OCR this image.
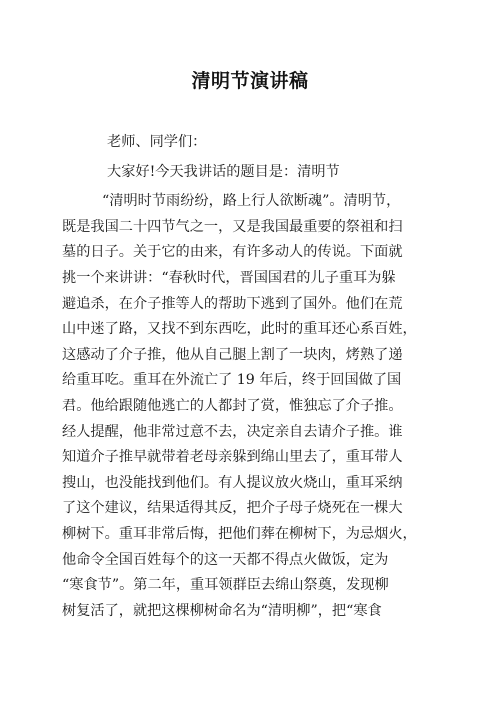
清明节演讲稿
老师、同学们：
大家好!今天我讲话的题目是：清明节
“清明时节雨纷纷，路上行人欲断魂”。清明节，
既是我国二十四节气之一，又是我国最重要的祭祖和扫
墓的日子。关于它的由来，有许多动人的传说。下面就
挑一个来讲讲：“春秋时代，晋国国君的儿子重耳为躲
避追杀，在介子推等人的帮助下逃到了国外。他们在荒
山中迷了路，又找不到东西吃，此时的重耳还心系百姓，
这感动了介子推，他从自己腿上割了一块肉，烤熟了递
给重耳吃。重耳在外流亡了 19 年后，终于回国做了国
君。他给跟随他逃亡的人都封了赏，惟独忘了介子推。
经人提醒，他非常过意不去，决定亲自去请介子推。谁
知道介子推早就带着老母亲躲到绵山里去了，重耳带人
搜山，也没能找到他们。有人提议放火烧山，重耳采纳
了这个建议，结果适得其反，把介子母子烧死在一棵大
柳树下。重耳非常后悔，把他们葬在柳树下，为忌烟火，
他命令全国百姓每个的这一天都不得点火做饭，定为
“寒食节”。第二年，重耳领群臣去绵山祭奠，发现柳
树复活了，就把这棵柳树命名为“清明柳”，把“寒食
